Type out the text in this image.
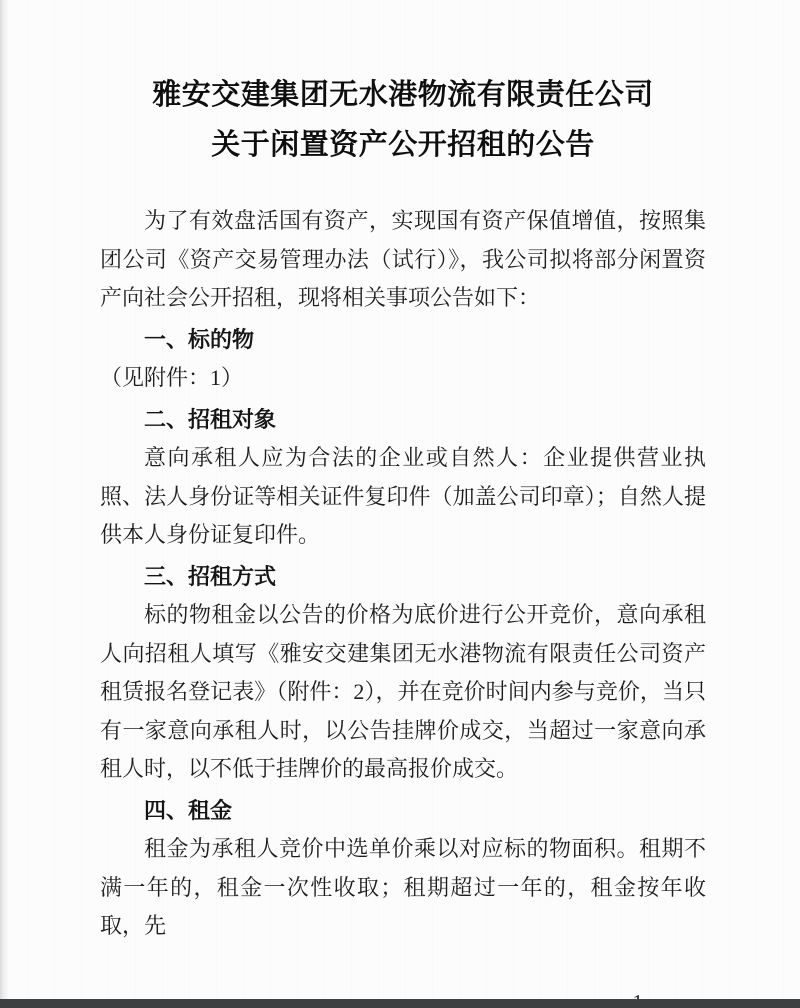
雅安交建集团无水港物流有限责任公司
关于闲置资产公开招租的公告

为了有效盘活国有资产，实现国有资产保值增值，按照集团公司《资产交易管理办法（试行）》，我公司拟将部分闲置资产向社会公开招租，现将相关事项公告如下：

一、标的物

（见附件：1）

二、招租对象

意向承租人应为合法的企业或自然人：企业提供营业执照、法人身份证等相关证件复印件（加盖公司印章）；自然人提供本人身份证复印件。

三、招租方式

标的物租金以公告的价格为底价进行公开竞价，意向承租人向招租人填写《雅安交建集团无水港物流有限责任公司资产租赁报名登记表》（附件：2），并在竞价时间内参与竞价，当只有一家意向承租人时，以公告挂牌价成交，当超过一家意向承租人时，以不低于挂牌价的最高报价成交。

四、租金

租金为承租人竞价中选单价乘以对应标的物面积。租期不满一年的，租金一次性收取；租期超过一年的，租金按年收取，先
